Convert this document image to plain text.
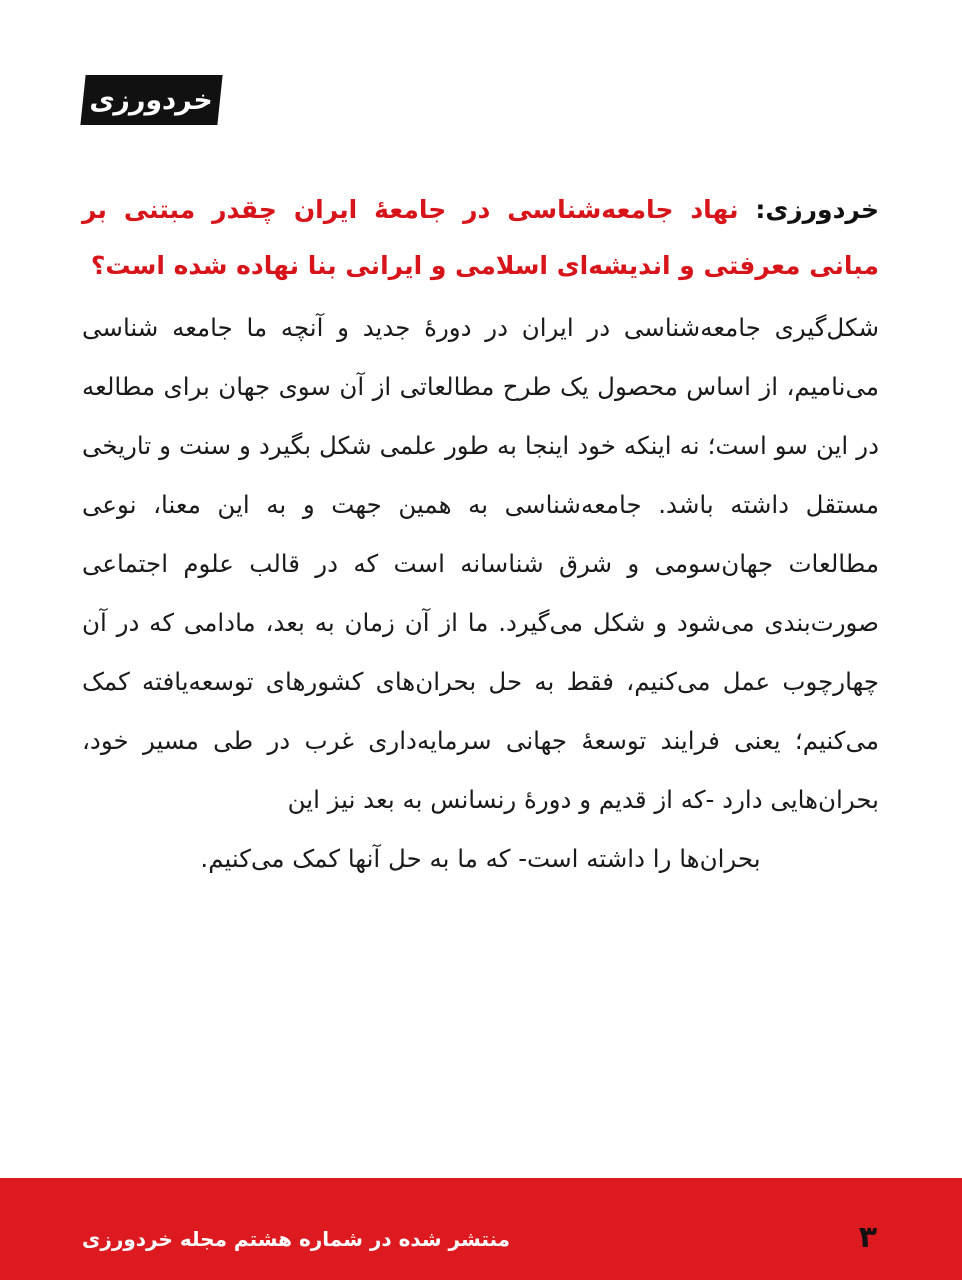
خردورزی

خردورزی: نهاد جامعه‌شناسی در جامعهٔ ایران چقدر مبتنی بر مبانی معرفتی و اندیشه‌ای اسلامی و ایرانی بنا نهاده شده است؟

شکل‌گیری جامعه‌شناسی در ایران در دورهٔ جدید و آنچه ما جامعه شناسی می‌نامیم، از اساس محصول یک طرح مطالعاتی از آن سوی جهان برای مطالعه در این سو است؛ نه اینکه خود اینجا به طور علمی شکل بگیرد و سنت و تاریخی مستقل داشته باشد. جامعه‌شناسی به همین جهت و به این معنا، نوعی مطالعات جهان‌سومی و شرق شناسانه است که در قالب علوم اجتماعی صورت‌بندی می‌شود و شکل می‌گیرد. ما از آن زمان به بعد، مادامی که در آن چهارچوب عمل می‌کنیم، فقط به حل بحران‌های کشورهای توسعه‌یافته کمک می‌کنیم؛ یعنی فرایند توسعهٔ جهانی سرمایه‌داری غرب در طی مسیر خود، بحران‌هایی دارد -که از قدیم و دورهٔ رنسانس به بعد نیز این
بحران‌ها را داشته است- که ما به حل آنها کمک می‌کنیم.

منتشر شده در شماره هشتم مجله خردورزی	۳
